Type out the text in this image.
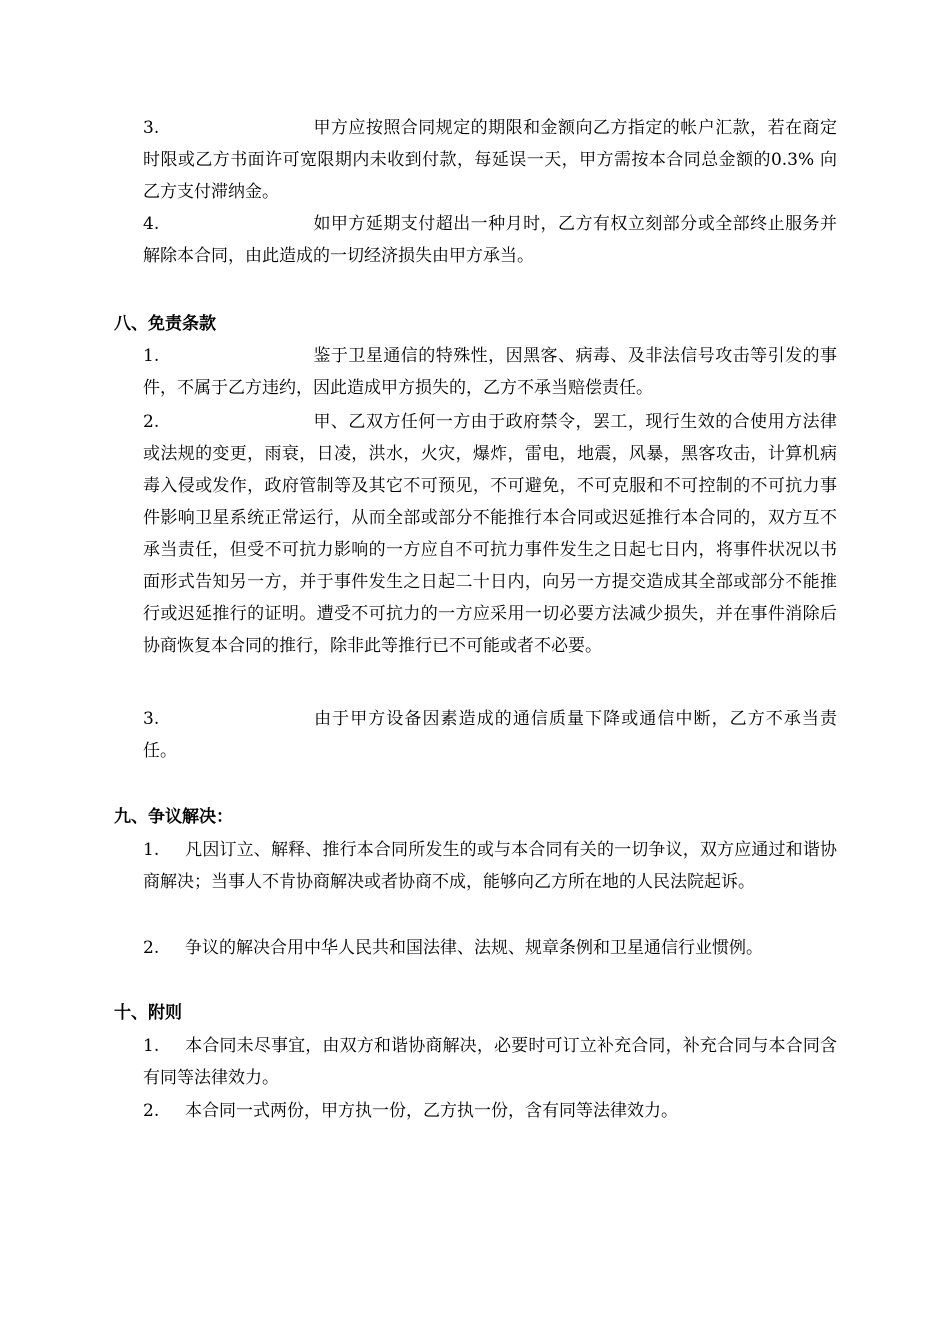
3.	甲方应按照合同规定的期限和金额向乙方指定的帐户汇款，若在商定时限或乙方书面许可宽限期内未收到付款，每延误一天，甲方需按本合同总金额的0.3% 向乙方支付滞纳金。

4.	如甲方延期支付超出一种月时，乙方有权立刻部分或全部终止服务并解除本合同，由此造成的一切经济损失由甲方承当。

八、免责条款

1.	鉴于卫星通信的特殊性，因黑客、病毒、及非法信号攻击等引发的事件，不属于乙方违约，因此造成甲方损失的，乙方不承当赔偿责任。

2.	甲、乙双方任何一方由于政府禁令，罢工，现行生效的合使用方法律或法规的变更，雨衰，日凌，洪水，火灾，爆炸，雷电，地震，风暴，黑客攻击，计算机病毒入侵或发作，政府管制等及其它不可预见，不可避免，不可克服和不可控制的不可抗力事件影响卫星系统正常运行，从而全部或部分不能推行本合同或迟延推行本合同的，双方互不承当责任，但受不可抗力影响的一方应自不可抗力事件发生之日起七日内，将事件状况以书面形式告知另一方，并于事件发生之日起二十日内，向另一方提交造成其全部或部分不能推行或迟延推行的证明。遭受不可抗力的一方应采用一切必要方法减少损失，并在事件消除后协商恢复本合同的推行，除非此等推行已不可能或者不必要。

3.	由于甲方设备因素造成的通信质量下降或通信中断，乙方不承当责任。

九、争议解决：

1. 凡因订立、解释、推行本合同所发生的或与本合同有关的一切争议，双方应通过和谐协商解决；当事人不肯协商解决或者协商不成，能够向乙方所在地的人民法院起诉。

2. 争议的解决合用中华人民共和国法律、法规、规章条例和卫星通信行业惯例。

十、附则

1. 本合同未尽事宜，由双方和谐协商解决，必要时可订立补充合同，补充合同与本合同含有同等法律效力。

2. 本合同一式两份，甲方执一份，乙方执一份，含有同等法律效力。
